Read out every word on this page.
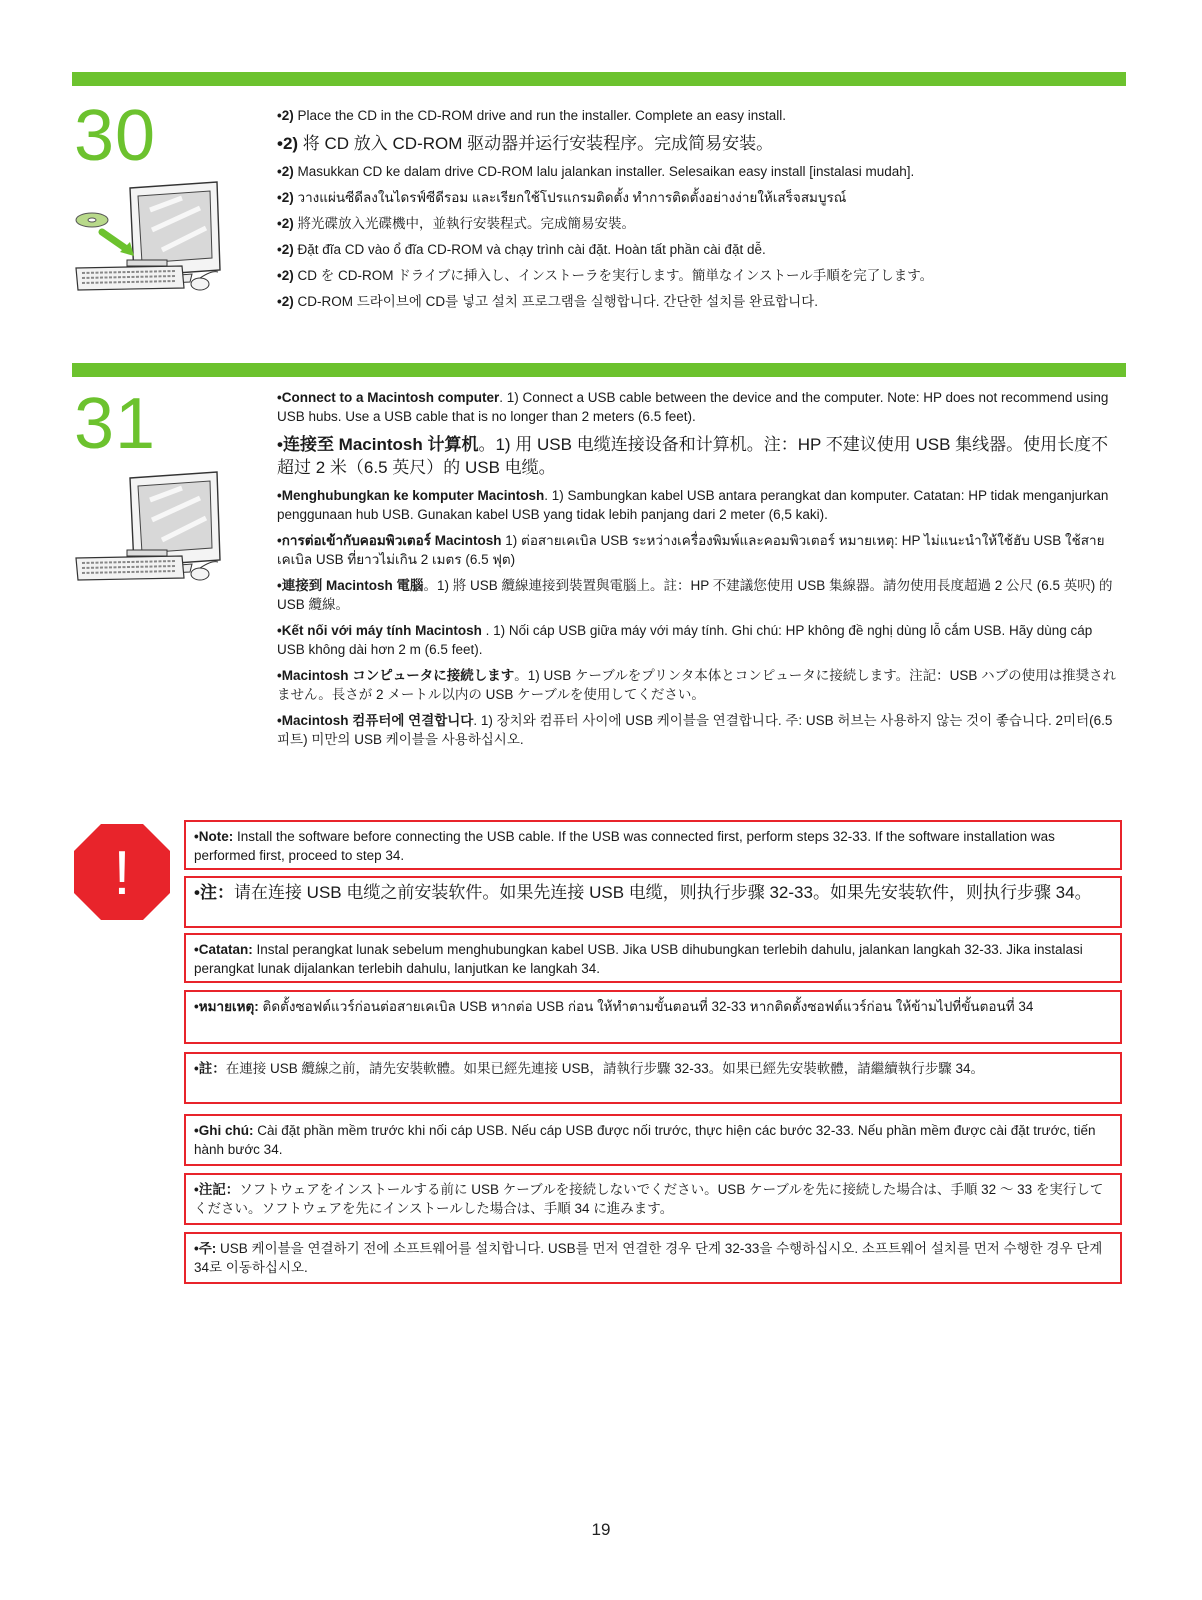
30	•2) Place the CD in the CD-ROM drive and run the installer. Complete an easy install.
•2) 将 CD 放入 CD-ROM 驱动器并运行安装程序。完成简易安装。
•2) Masukkan CD ke dalam drive CD-ROM lalu jalankan installer. Selesaikan easy install [instalasi mudah].
•2) วางแผ่นซีดีลงในไดรฟ์ซีดีรอม และเรียกใช้โปรแกรมติดตั้ง ทำการติดตั้งอย่างง่ายให้เสร็จสมบูรณ์
•2) 將光碟放入光碟機中，並執行安裝程式。完成簡易安裝。
•2) Đặt đĩa CD vào ổ đĩa CD-ROM và chạy trình cài đặt. Hoàn tất phần cài đặt dễ.
•2) CD を CD-ROM ドライブに挿入し、インストーラを実行します。簡単なインストール手順を完了します。
•2) CD-ROM 드라이브에 CD를 넣고 설치 프로그램을 실행합니다. 간단한 설치를 완료합니다.
31	•Connect to a Macintosh computer. 1) Connect a USB cable between the device and the computer. Note: HP does not recommend using USB hubs. Use a USB cable that is no longer than 2 meters (6.5 feet).
•连接至 Macintosh 计算机。1) 用 USB 电缆连接设备和计算机。注：HP 不建议使用 USB 集线器。使用长度不超过 2 米（6.5 英尺）的 USB 电缆。
•Menghubungkan ke komputer Macintosh. 1) Sambungkan kabel USB antara perangkat dan komputer. Catatan: HP tidak menganjurkan penggunaan hub USB. Gunakan kabel USB yang tidak lebih panjang dari 2 meter (6,5 kaki).
•การต่อเข้ากับคอมพิวเตอร์ Macintosh 1) ต่อสายเคเบิล USB ระหว่างเครื่องพิมพ์และคอมพิวเตอร์ หมายเหตุ: HP ไม่แนะนำให้ใช้ฮับ USB ใช้สายเคเบิล USB ที่ยาวไม่เกิน 2 เมตร (6.5 ฟุต)
•連接到 Macintosh 電腦。1) 將 USB 纜線連接到裝置與電腦上。註：HP 不建議您使用 USB 集線器。請勿使用長度超過 2 公尺 (6.5 英呎) 的 USB 纜線。
•Kết nối với máy tính Macintosh . 1) Nối cáp USB giữa máy với máy tính. Ghi chú: HP không đề nghị dùng lỗ cắm USB. Hãy dùng cáp USB không dài hơn 2 m (6.5 feet).
•Macintosh コンピュータに接続します。1) USB ケーブルをプリンタ本体とコンピュータに接続します。注記：USB ハブの使用は推奨されません。長さが 2 メートル以内の USB ケーブルを使用してください。
•Macintosh 컴퓨터에 연결합니다. 1) 장치와 컴퓨터 사이에 USB 케이블을 연결합니다. 주: USB 허브는 사용하지 않는 것이 좋습니다. 2미터(6.5피트) 미만의 USB 케이블을 사용하십시오.
!
•Note: Install the software before connecting the USB cable. If the USB was connected first, perform steps 32-33. If the software installation was performed first, proceed to step 34.
•注：请在连接 USB 电缆之前安装软件。如果先连接 USB 电缆，则执行步骤 32-33。如果先安装软件，则执行步骤 34。
•Catatan: Instal perangkat lunak sebelum menghubungkan kabel USB. Jika USB dihubungkan terlebih dahulu, jalankan langkah 32-33. Jika instalasi perangkat lunak dijalankan terlebih dahulu, lanjutkan ke langkah 34.
•หมายเหตุ: ติดตั้งซอฟต์แวร์ก่อนต่อสายเคเบิล USB หากต่อ USB ก่อน ให้ทำตามขั้นตอนที่ 32-33 หากติดตั้งซอฟต์แวร์ก่อน ให้ข้ามไปที่ขั้นตอนที่ 34
•註：在連接 USB 纜線之前，請先安裝軟體。如果已經先連接 USB，請執行步驟 32-33。如果已經先安裝軟體，請繼續執行步驟 34。
•Ghi chú: Cài đặt phần mềm trước khi nối cáp USB. Nếu cáp USB được nối trước, thực hiện các bước 32-33. Nếu phần mềm được cài đặt trước, tiến hành bước 34.
•注記：ソフトウェアをインストールする前に USB ケーブルを接続しないでください。USB ケーブルを先に接続した場合は、手順 32 ～ 33 を実行してください。ソフトウェアを先にインストールした場合は、手順 34 に進みます。
•주: USB 케이블을 연결하기 전에 소프트웨어를 설치합니다. USB를 먼저 연결한 경우 단계 32-33을 수행하십시오. 소프트웨어 설치를 먼저 수행한 경우 단계 34로 이동하십시오.
19
